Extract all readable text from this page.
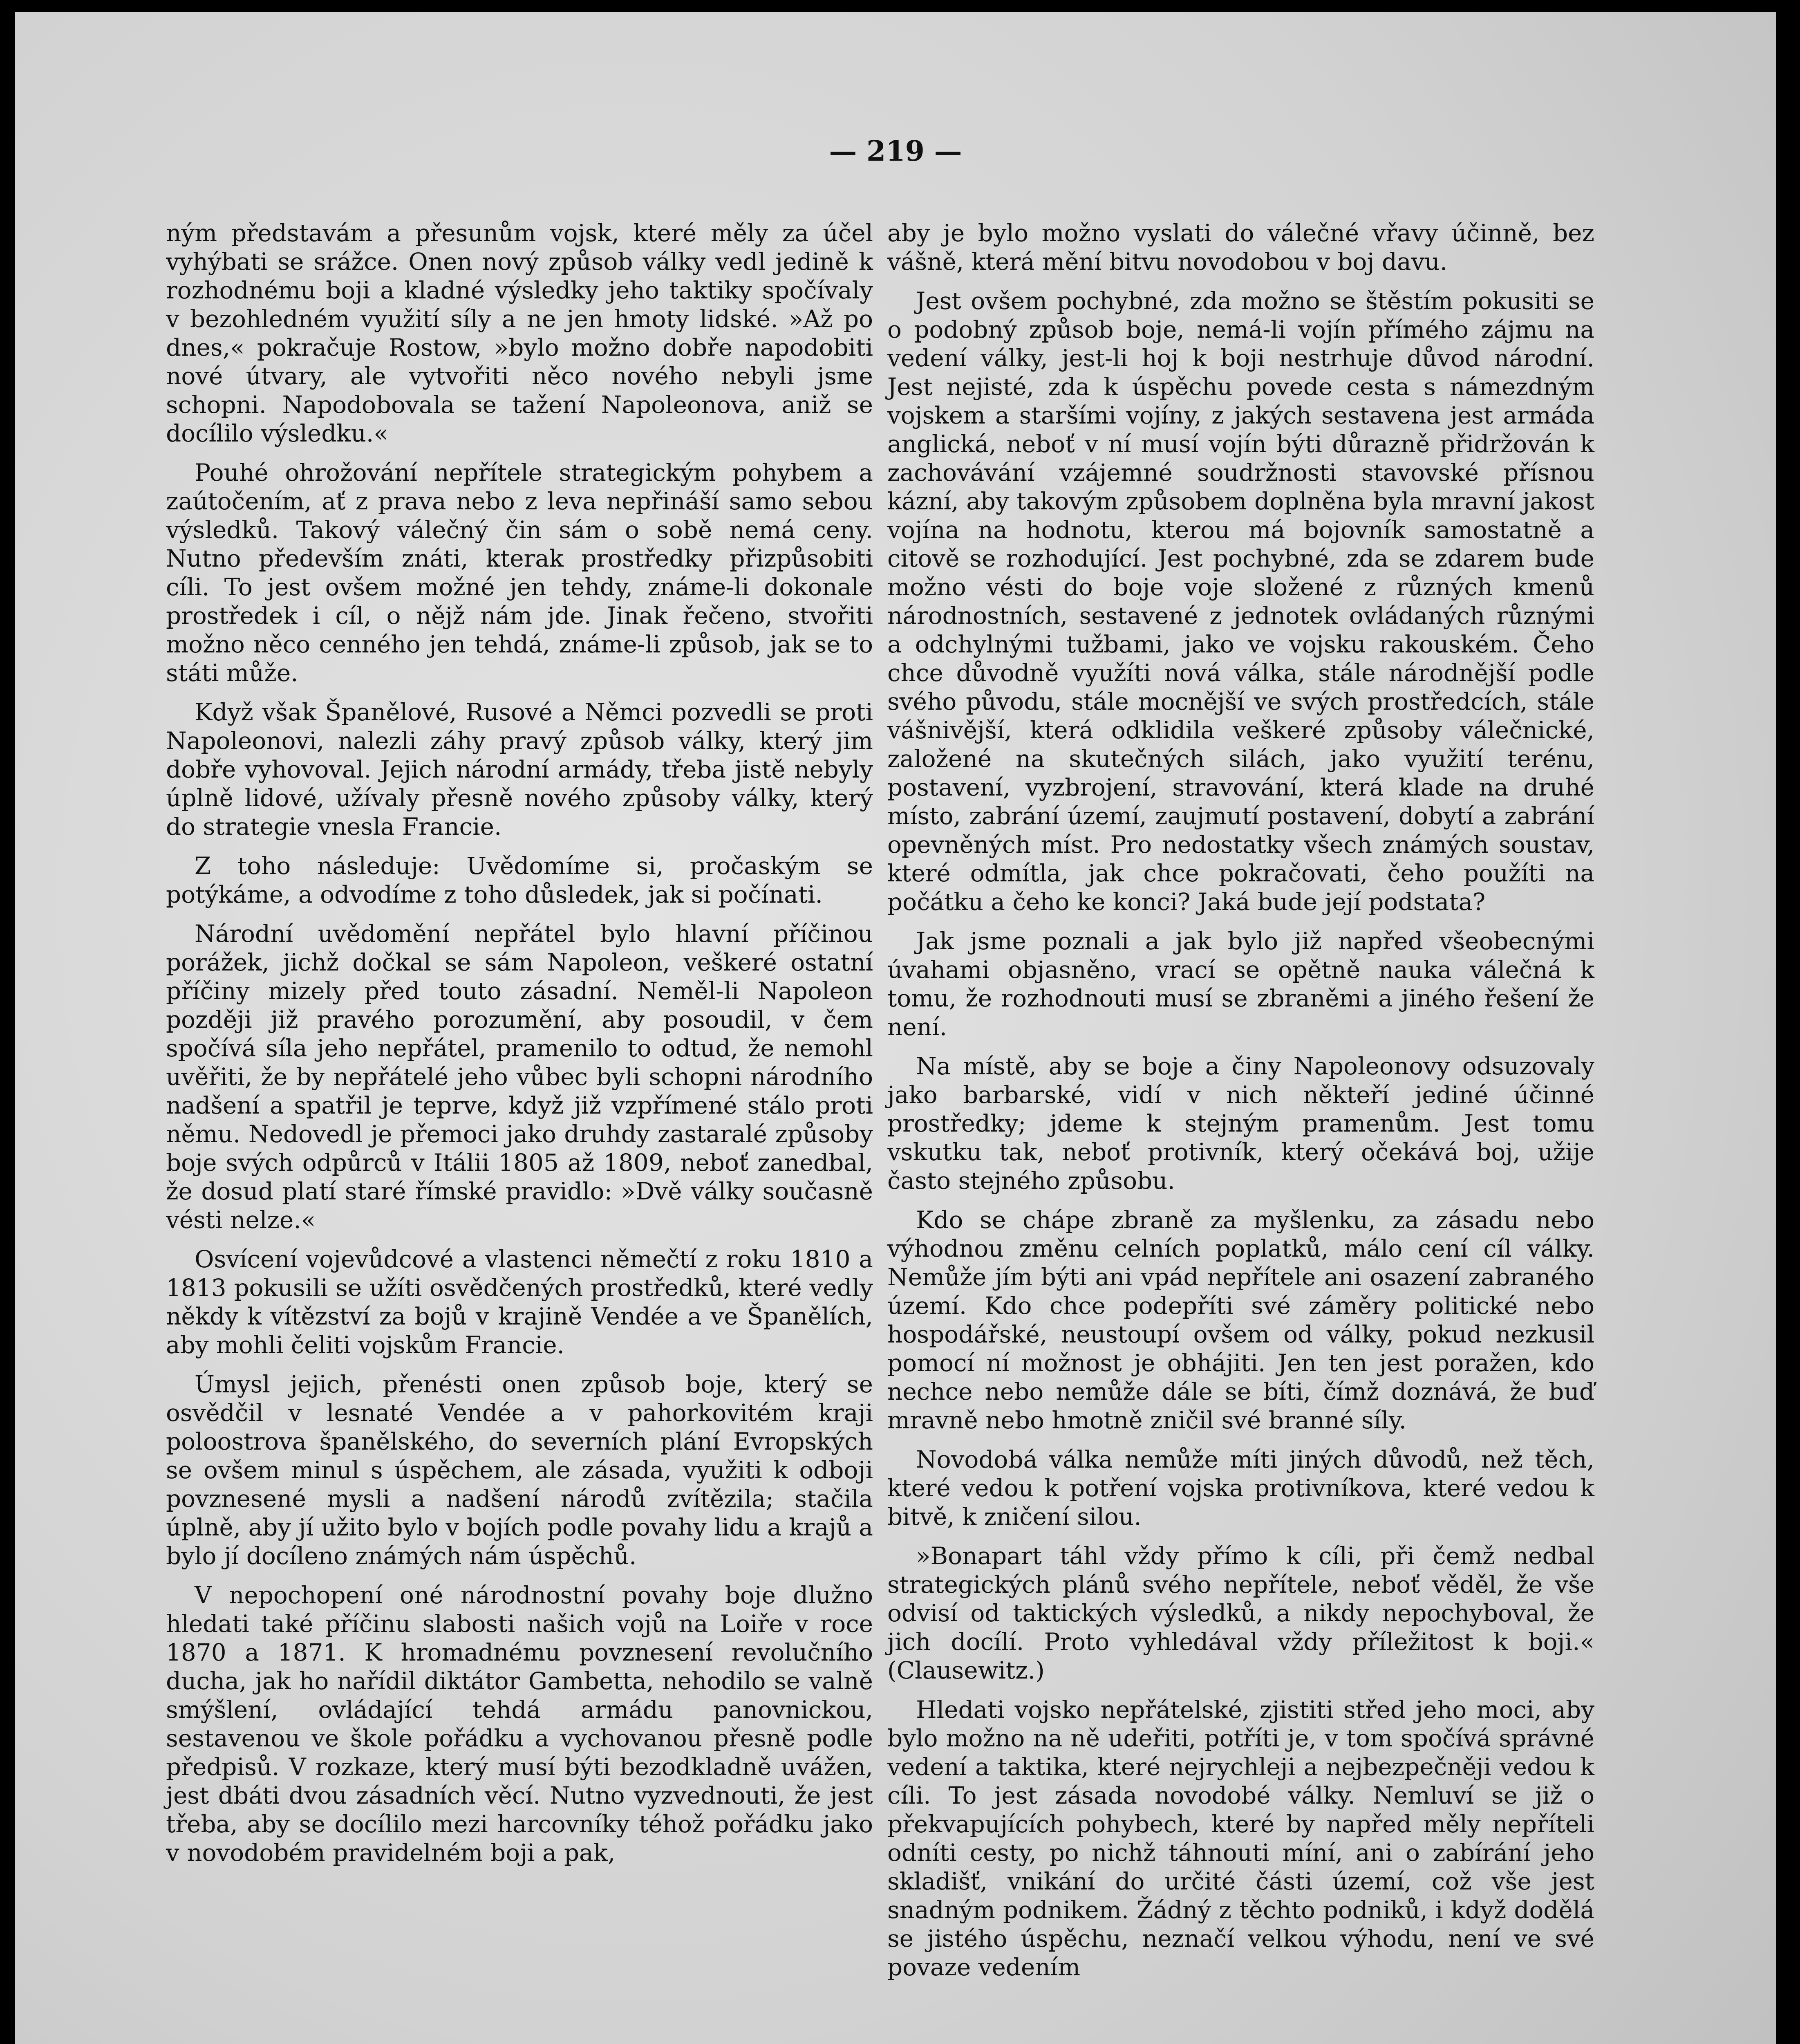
— 219 —

ným představám a přesunům vojsk, které měly za účel vyhýbati se srážce. Onen nový způsob války vedl jedině k rozhodnému boji a kladné výsledky jeho taktiky spočívaly v bezohledném využití síly a ne jen hmoty lidské. »Až po dnes,« pokračuje Rostow, »bylo možno dobře napodobiti nové útvary, ale vytvořiti něco nového nebyli jsme schopni. Napodobovala se tažení Napoleonova, aniž se docílilo výsledku.«

Pouhé ohrožování nepřítele strategickým pohybem a zaútočením, ať z prava nebo z leva nepřináší samo sebou výsledků. Takový válečný čin sám o sobě nemá ceny. Nutno především znáti, kterak prostředky přizpůsobiti cíli. To jest ovšem možné jen tehdy, známe-li dokonale prostředek i cíl, o nějž nám jde. Jinak řečeno, stvořiti možno něco cenného jen tehdá, známe-li způsob, jak se to státi může.

Když však Španělové, Rusové a Němci pozvedli se proti Napoleonovi, nalezli záhy pravý způsob války, který jim dobře vyhovoval. Jejich národní armády, třeba jistě nebyly úplně lidové, užívaly přesně nového způsoby války, který do strategie vnesla Francie.

Z toho následuje: Uvědomíme si, pročaským se potýkáme, a odvodíme z toho důsledek, jak si počínati.

Národní uvědomění nepřátel bylo hlavní příčinou porážek, jichž dočkal se sám Napoleon, veškeré ostatní příčiny mizely před touto zásadní. Neměl-li Napoleon později již pravého porozumění, aby posoudil, v čem spočívá síla jeho nepřátel, pramenilo to odtud, že nemohl uvěřiti, že by nepřátelé jeho vůbec byli schopni národního nadšení a spatřil je teprve, když již vzpřímené stálo proti němu. Nedovedl je přemoci jako druhdy zastaralé způsoby boje svých odpůrců v Itálii 1805 až 1809, neboť zanedbal, že dosud platí staré římské pravidlo: »Dvě války současně vésti nelze.«

Osvícení vojevůdcové a vlastenci němečtí z roku 1810 a 1813 pokusili se užíti osvědčených prostředků, které vedly někdy k vítězství za bojů v krajině Vendée a ve Španělích, aby mohli čeliti vojskům Francie.

Úmysl jejich, přenésti onen způsob boje, který se osvědčil v lesnaté Vendée a v pahorkovitém kraji poloostrova španělského, do severních plání Evropských se ovšem minul s úspěchem, ale zásada, využiti k odboji povznesené mysli a nadšení národů zvítězila; stačila úplně, aby jí užito bylo v bojích podle povahy lidu a krajů a bylo jí docíleno známých nám úspěchů.

V nepochopení oné národnostní povahy boje dlužno hledati také příčinu slabosti našich vojů na Loiře v roce 1870 a 1871. K hromadnému povznesení revolučního ducha, jak ho nařídil diktátor Gambetta, nehodilo se valně smýšlení, ovládající tehdá armádu panovnickou, sestavenou ve škole pořádku a vychovanou přesně podle předpisů. V rozkaze, který musí býti bezodkladně uvážen, jest dbáti dvou zásadních věcí. Nutno vyzvednouti, že jest třeba, aby se docílilo mezi harcovníky téhož pořádku jako v novodobém pravidelném boji a pak,

aby je bylo možno vyslati do válečné vřavy účinně, bez vášně, která mění bitvu novodobou v boj davu.

Jest ovšem pochybné, zda možno se štěstím pokusiti se o podobný způsob boje, nemá-li vojín přímého zájmu na vedení války, jest-li hoj k boji nestrhuje důvod národní. Jest nejisté, zda k úspěchu povede cesta s námezdným vojskem a staršími vojíny, z jakých sestavena jest armáda anglická, neboť v ní musí vojín býti důrazně přidržován k zachovávání vzájemné soudržnosti stavovské přísnou kázní, aby takovým způsobem doplněna byla mravní jakost vojína na hodnotu, kterou má bojovník samostatně a citově se rozhodující. Jest pochybné, zda se zdarem bude možno vésti do boje voje složené z různých kmenů národnostních, sestavené z jednotek ovládaných různými a odchylnými tužbami, jako ve vojsku rakouském. Čeho chce důvodně využíti nová válka, stále národnější podle svého původu, stále mocnější ve svých prostředcích, stále vášnivější, která odklidila veškeré způsoby válečnické, založené na skutečných silách, jako využití terénu, postavení, vyzbrojení, stravování, která klade na druhé místo, zabrání území, zaujmutí postavení, dobytí a zabrání opevněných míst. Pro nedostatky všech známých soustav, které odmítla, jak chce pokračovati, čeho použíti na počátku a čeho ke konci? Jaká bude její podstata?

Jak jsme poznali a jak bylo již napřed všeobecnými úvahami objasněno, vrací se opětně nauka válečná k tomu, že rozhodnouti musí se zbraněmi a jiného řešení že není.

Na místě, aby se boje a činy Napoleonovy odsuzovaly jako barbarské, vidí v nich někteří jediné účinné prostředky; jdeme k stejným pramenům. Jest tomu vskutku tak, neboť protivník, který očekává boj, užije často stejného způsobu.

Kdo se chápe zbraně za myšlenku, za zásadu nebo výhodnou změnu celních poplatků, málo cení cíl války. Nemůže jím býti ani vpád nepřítele ani osazení zabraného území. Kdo chce podepříti své záměry politické nebo hospodářské, neustoupí ovšem od války, pokud nezkusil pomocí ní možnost je obhájiti. Jen ten jest poražen, kdo nechce nebo nemůže dále se bíti, čímž doznává, že buď mravně nebo hmotně zničil své branné síly.

Novodobá válka nemůže míti jiných důvodů, než těch, které vedou k potření vojska protivníkova, které vedou k bitvě, k zničení silou.

»Bonapart táhl vždy přímo k cíli, při čemž nedbal strategických plánů svého nepřítele, neboť věděl, že vše odvisí od taktických výsledků, a nikdy nepochyboval, že jich docílí. Proto vyhledával vždy příležitost k boji.« (Clausewitz.)

Hledati vojsko nepřátelské, zjistiti střed jeho moci, aby bylo možno na ně udeřiti, potříti je, v tom spočívá správné vedení a taktika, které nejrychleji a nejbezpečněji vedou k cíli. To jest zásada novodobé války. Nemluví se již o překvapujících pohybech, které by napřed měly nepříteli odníti cesty, po nichž táhnouti míní, ani o zabírání jeho skladišť, vnikání do určité části území, což vše jest snadným podnikem. Žádný z těchto podniků, i když dodělá se jistého úspěchu, neznačí velkou výhodu, není ve své povaze vedením
